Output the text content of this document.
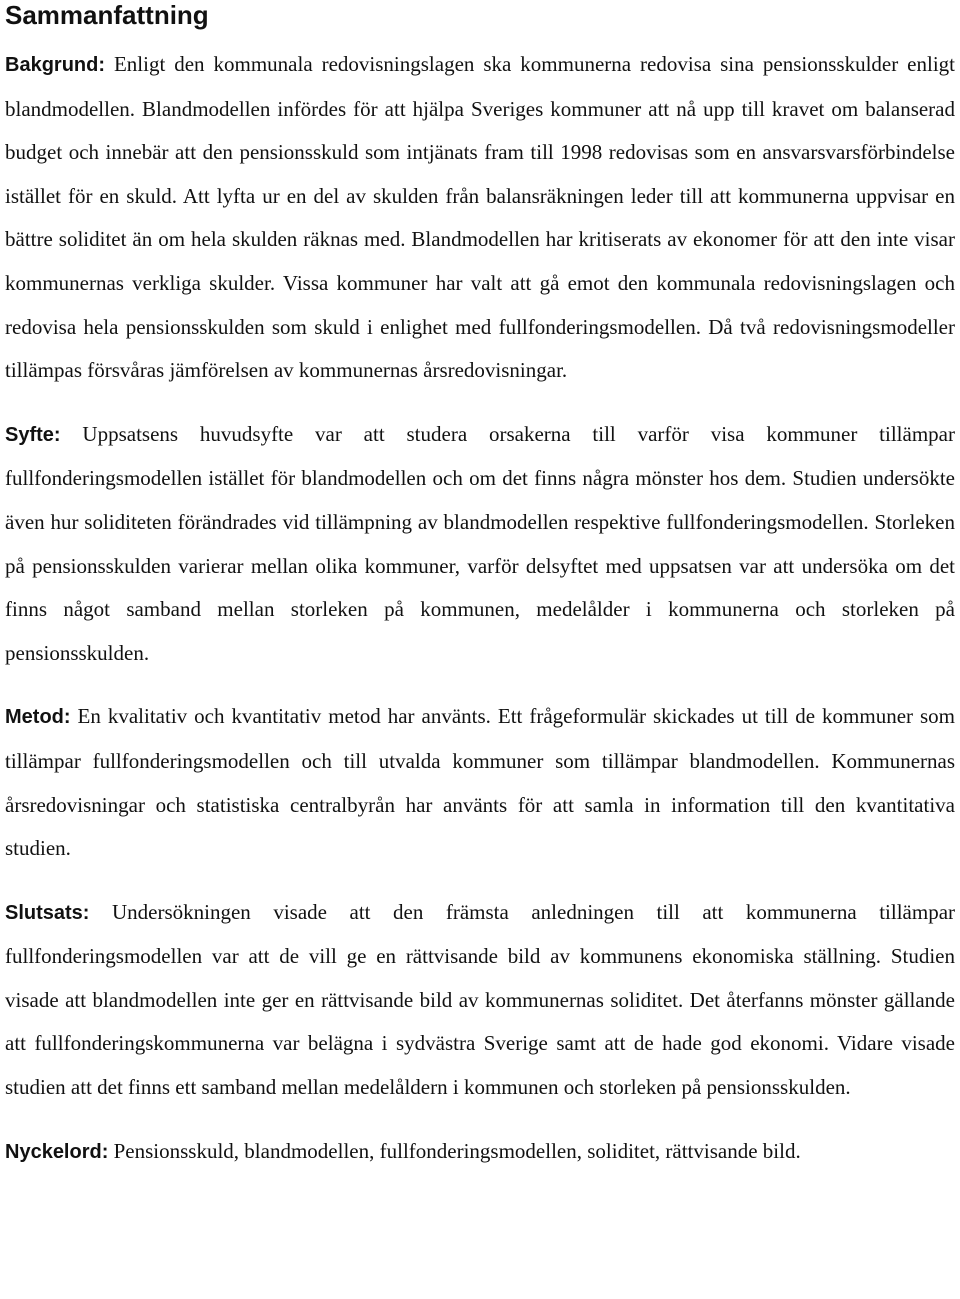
Sammanfattning

Bakgrund: Enligt den kommunala redovisningslagen ska kommunerna redovisa sina pensionsskulder enligt blandmodellen. Blandmodellen infördes för att hjälpa Sveriges kommuner att nå upp till kravet om balanserad budget och innebär att den pensionsskuld som intjänats fram till 1998 redovisas som en ansvarsvarsförbindelse istället för en skuld. Att lyfta ur en del av skulden från balansräkningen leder till att kommunerna uppvisar en bättre soliditet än om hela skulden räknas med. Blandmodellen har kritiserats av ekonomer för att den inte visar kommunernas verkliga skulder. Vissa kommuner har valt att gå emot den kommunala redovisningslagen och redovisa hela pensionsskulden som skuld i enlighet med fullfonderingsmodellen. Då två redovisningsmodeller tillämpas försvåras jämförelsen av kommunernas årsredovisningar.

Syfte: Uppsatsens huvudsyfte var att studera orsakerna till varför visa kommuner tillämpar fullfonderingsmodellen istället för blandmodellen och om det finns några mönster hos dem. Studien undersökte även hur soliditeten förändrades vid tillämpning av blandmodellen respektive fullfonderingsmodellen. Storleken på pensionsskulden varierar mellan olika kommuner, varför delsyftet med uppsatsen var att undersöka om det finns något samband mellan storleken på kommunen, medelålder i kommunerna och storleken på pensionsskulden.

Metod: En kvalitativ och kvantitativ metod har använts. Ett frågeformulär skickades ut till de kommuner som tillämpar fullfonderingsmodellen och till utvalda kommuner som tillämpar blandmodellen. Kommunernas årsredovisningar och statistiska centralbyrån har använts för att samla in information till den kvantitativa studien.

Slutsats: Undersökningen visade att den främsta anledningen till att kommunerna tillämpar fullfonderingsmodellen var att de vill ge en rättvisande bild av kommunens ekonomiska ställning. Studien visade att blandmodellen inte ger en rättvisande bild av kommunernas soliditet. Det återfanns mönster gällande att fullfonderingskommunerna var belägna i sydvästra Sverige samt att de hade god ekonomi. Vidare visade studien att det finns ett samband mellan medelåldern i kommunen och storleken på pensionsskulden.

Nyckelord: Pensionsskuld, blandmodellen, fullfonderingsmodellen, soliditet, rättvisande bild.
